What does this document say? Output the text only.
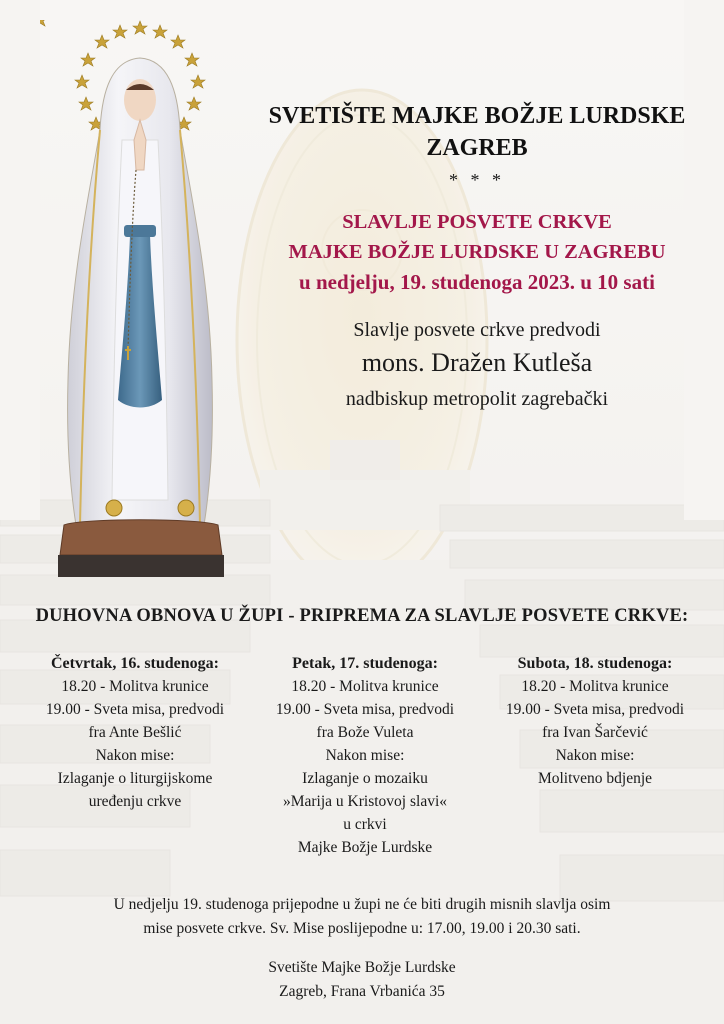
SVETIŠTE MAJKE BOŽJE LURDSKE
ZAGREB
* * *
SLAVLJE POSVETE CRKVE
MAJKE BOŽJE LURDSKE U ZAGREBU
u nedjelju, 19. studenoga 2023. u 10 sati
Slavlje posvete crkve predvodi
mons. Dražen Kutleša
nadbiskup metropolit zagrebački
DUHOVNA OBNOVA U ŽUPI - PRIPREMA ZA SLAVLJE POSVETE CRKVE:
Četvrtak, 16. studenoga:
18.20 - Molitva krunice
19.00 - Sveta misa, predvodi
fra Ante Bešlić
Nakon mise:
Izlaganje o liturgijskome
uređenju crkve
Petak, 17. studenoga:
18.20 - Molitva krunice
19.00 - Sveta misa, predvodi
fra Bože Vuleta
Nakon mise:
Izlaganje o mozaiku
»Marija u Kristovoj slavi«
u crkvi
Majke Božje Lurdske
Subota, 18. studenoga:
18.20 - Molitva krunice
19.00 - Sveta misa, predvodi
fra Ivan Šarčević
Nakon mise:
Molitveno bdjenje
U nedjelju 19. studenoga prijepodne u župi ne će biti drugih misnih slavlja osim
mise posvete crkve. Sv. Mise poslijepodne u: 17.00, 19.00 i 20.30 sati.
Svetište Majke Božje Lurdske
Zagreb, Frana Vrbanića 35
